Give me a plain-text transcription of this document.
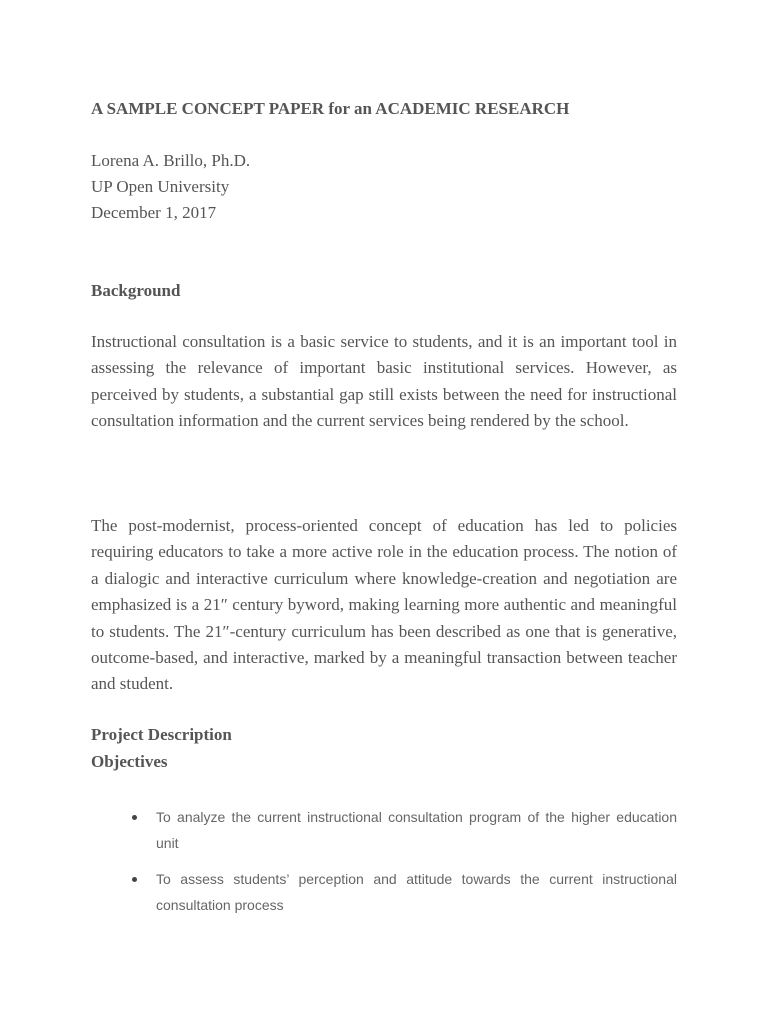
A SAMPLE CONCEPT PAPER for an ACADEMIC RESEARCH
Lorena A. Brillo, Ph.D.
UP Open University
December 1, 2017
Background

Instructional consultation is a basic service to students, and it is an important tool in assessing the relevance of important basic institutional services. However, as perceived by students, a substantial gap still exists between the need for instructional consultation information and the current services being rendered by the school.

The post-modernist, process-oriented concept of education has led to policies requiring educators to take a more active role in the education process. The notion of a dialogic and interactive curriculum where knowledge-creation and negotiation are emphasized is a 21″ century byword, making learning more authentic and meaningful to students. The 21″-century curriculum has been described as one that is generative, outcome-based, and interactive, marked by a meaningful transaction between teacher and student.

Project Description
Objectives
To analyze the current instructional consultation program of the higher education unit
To assess students’ perception and attitude towards the current instructional consultation process
